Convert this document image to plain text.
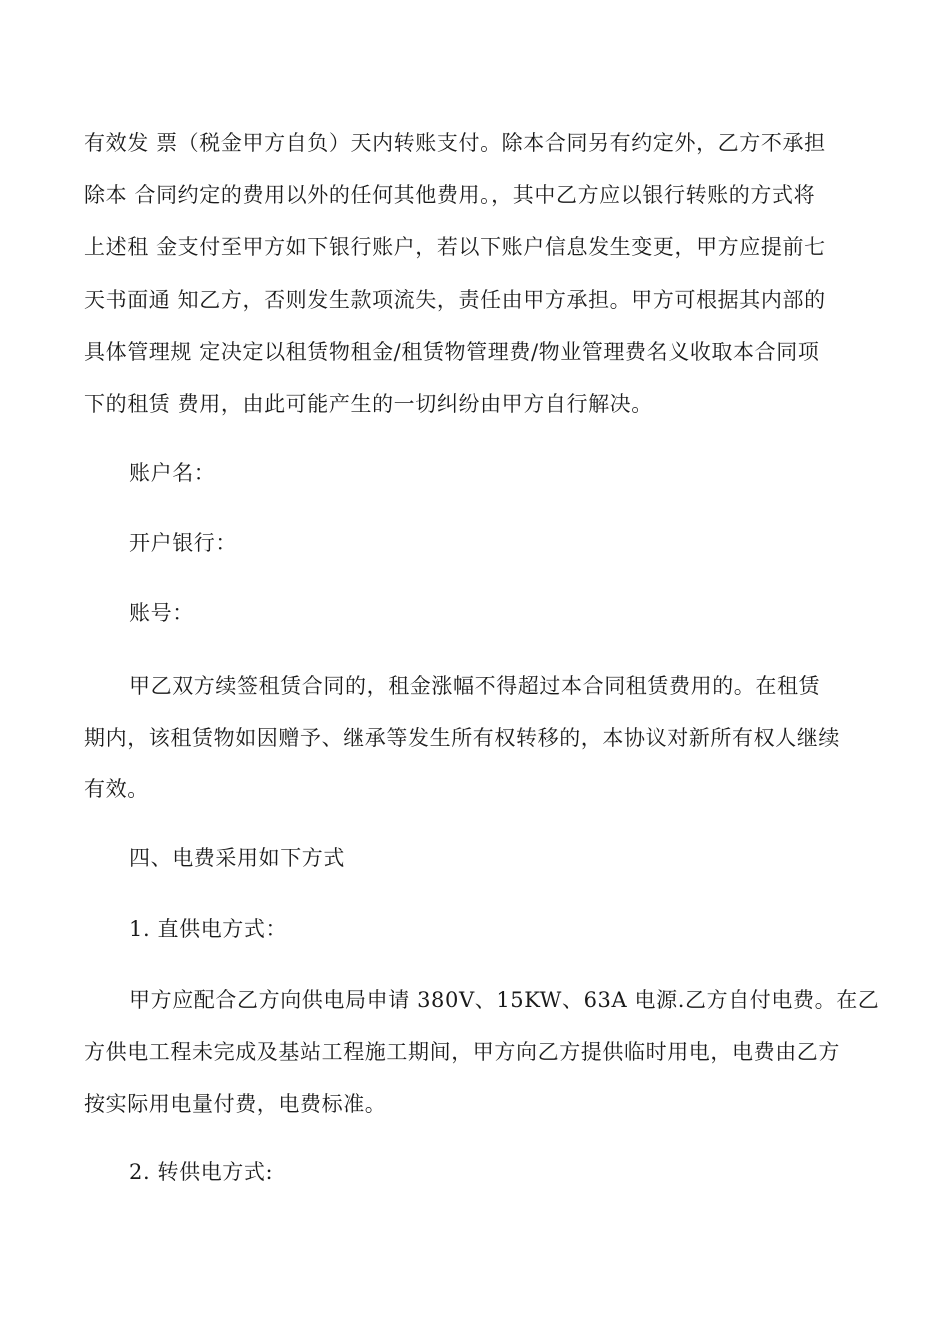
有效发 票（税金甲方自负）天内转账支付。除本合同另有约定外，乙方不承担
除本 合同约定的费用以外的任何其他费用。，其中乙方应以银行转账的方式将
上述租 金支付至甲方如下银行账户，若以下账户信息发生变更，甲方应提前七
天书面通 知乙方，否则发生款项流失，责任由甲方承担。甲方可根据其内部的
具体管理规 定决定以租赁物租金/租赁物管理费/物业管理费名义收取本合同项
下的租赁 费用，由此可能产生的一切纠纷由甲方自行解决。
账户名：
开户银行：
账号：
甲乙双方续签租赁合同的，租金涨幅不得超过本合同租赁费用的。在租赁
期内，该租赁物如因赠予、继承等发生所有权转移的，本协议对新所有权人继续
有效。
四、电费采用如下方式
1. 直供电方式：
甲方应配合乙方向供电局申请 380V、15KW、63A 电源.乙方自付电费。在乙
方供电工程未完成及基站工程施工期间，甲方向乙方提供临时用电，电费由乙方
按实际用电量付费，电费标准。
2. 转供电方式:
